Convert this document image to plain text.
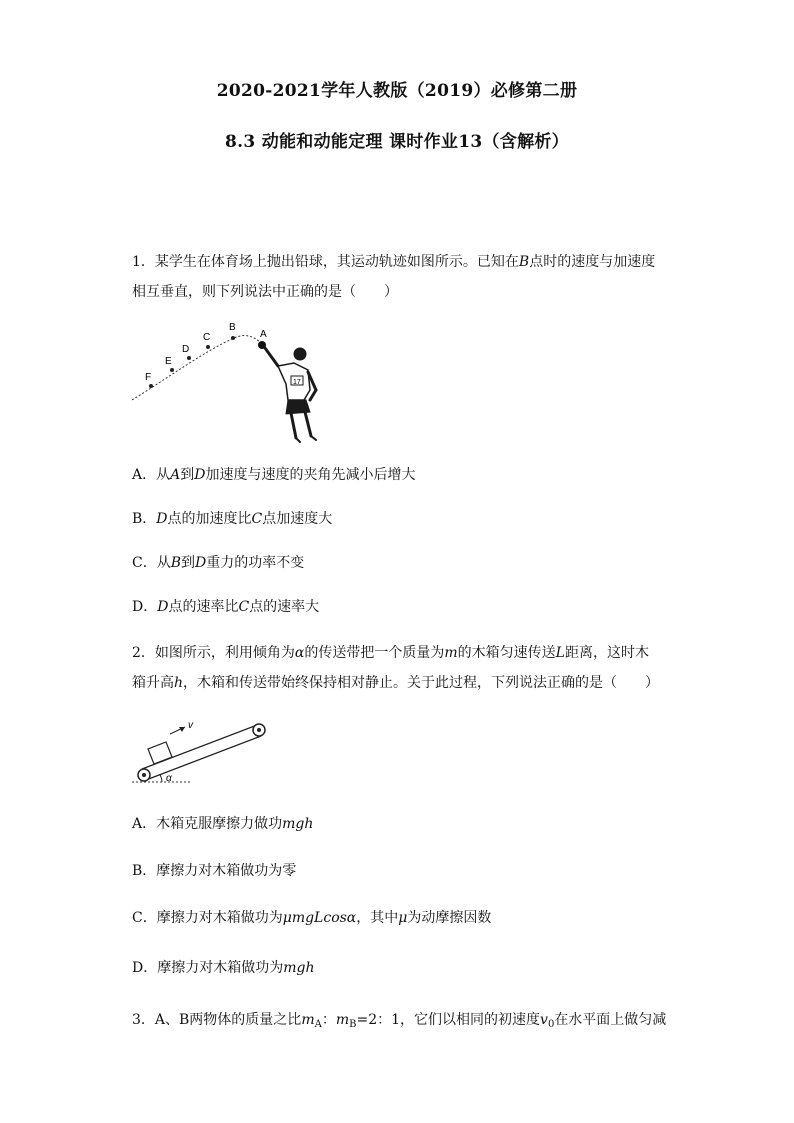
2020-2021学年人教版（2019）必修第二册
8.3 动能和动能定理 课时作业13（含解析）
1．某学生在体育场上抛出铅球，其运动轨迹如图所示。已知在B点时的速度与加速度
相互垂直，则下列说法中正确的是（　　）
F
E
D
C
B
A
17
A．从A到D加速度与速度的夹角先减小后增大
B．D点的加速度比C点加速度大
C．从B到D重力的功率不变
D．D点的速率比C点的速率大
2．如图所示，利用倾角为α的传送带把一个质量为m的木箱匀速传送L距离，这时木
箱升高h，木箱和传送带始终保持相对静止。关于此过程，下列说法正确的是（　　）
v
α
A．木箱克服摩擦力做功mgh
B．摩擦力对木箱做功为零
C．摩擦力对木箱做功为μmgLcosα，其中μ为动摩擦因数
D．摩擦力对木箱做功为mgh
3．A、B两物体的质量之比$m_A$：$m_B=2$：1，它们以相同的初速度$v_0$在水平面上做匀减
